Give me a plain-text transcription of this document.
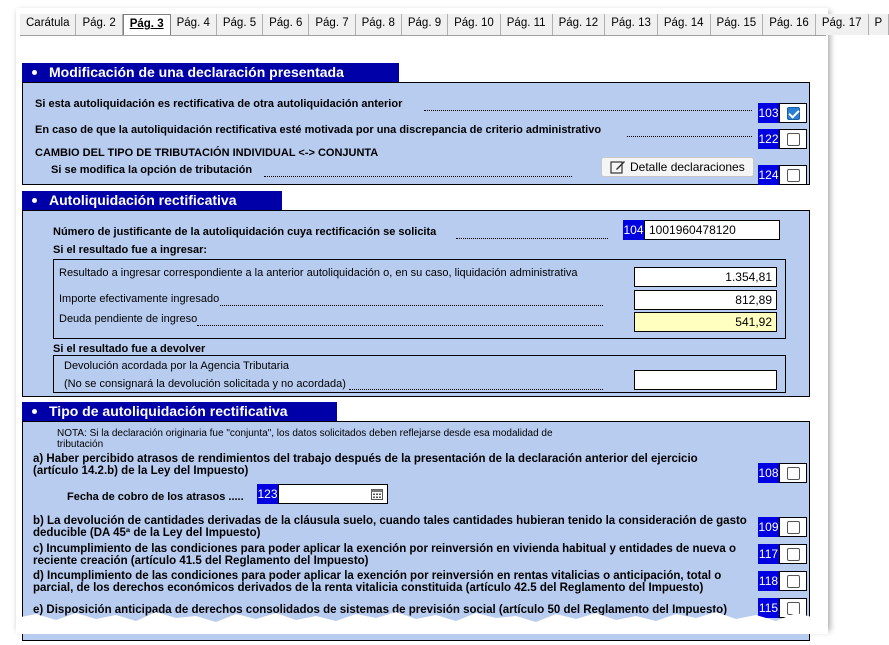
Carátula	Pág. 2	Pág. 3	Pág. 4	Pág. 5	Pág. 6	Pág. 7	Pág. 8	Pág. 9	Pág. 10	Pág. 11	Pág. 12	Pág. 13	Pág. 14	Pág. 15	Pág. 16	Pág. 17	P
Modificación de una declaración presentada
Si esta autoliquidación es rectificativa de otra autoliquidación anterior
103
En caso de que la autoliquidación rectificativa esté motivada por una discrepancia de criterio administrativo
122
CAMBIO DEL TIPO DE TRIBUTACIÓN INDIVIDUAL <-> CONJUNTA
Si se modifica la opción de tributación	Detalle declaraciones
124
Autoliquidación rectificativa
Número de justificante de la autoliquidación cuya rectificación se solicita	104 1001960478120
Si el resultado fue a ingresar:
Resultado a ingresar correspondiente a la anterior autoliquidación o, en su caso, liquidación administrativa	1.354,81
Importe efectivamente ingresado	812,89
Deuda pendiente de ingreso	541,92
Si el resultado fue a devolver
Devolución acordada por la Agencia Tributaria
(No se consignará la devolución solicitada y no acordada)
Tipo de autoliquidación rectificativa
NOTA: Si la declaración originaria fue "conjunta", los datos solicitados deben reflejarse desde esa modalidad de tributación
a) Haber percibido atrasos de rendimientos del trabajo después de la presentación de la declaración anterior del ejercicio
(artículo 14.2.b) de la Ley del Impuesto)	108
Fecha de cobro de los atrasos ..... 123
b) La devolución de cantidades derivadas de la cláusula suelo, cuando tales cantidades hubieran tenido la consideración de gasto
deducible (DA 45ª de la Ley del Impuesto)	109
c) Incumplimiento de las condiciones para poder aplicar la exención por reinversión en vivienda habitual y entidades de nueva o
reciente creación (artículo 41.5 del Reglamento del Impuesto)	117
d) Incumplimiento de las condiciones para poder aplicar la exención por reinversión en rentas vitalicias o anticipación, total o
parcial, de los derechos económicos derivados de la renta vitalicia constituida (artículo 42.5 del Reglamento del Impuesto)	118
e) Disposición anticipada de derechos consolidados de sistemas de previsión social (artículo 50 del Reglamento del Impuesto)	115
